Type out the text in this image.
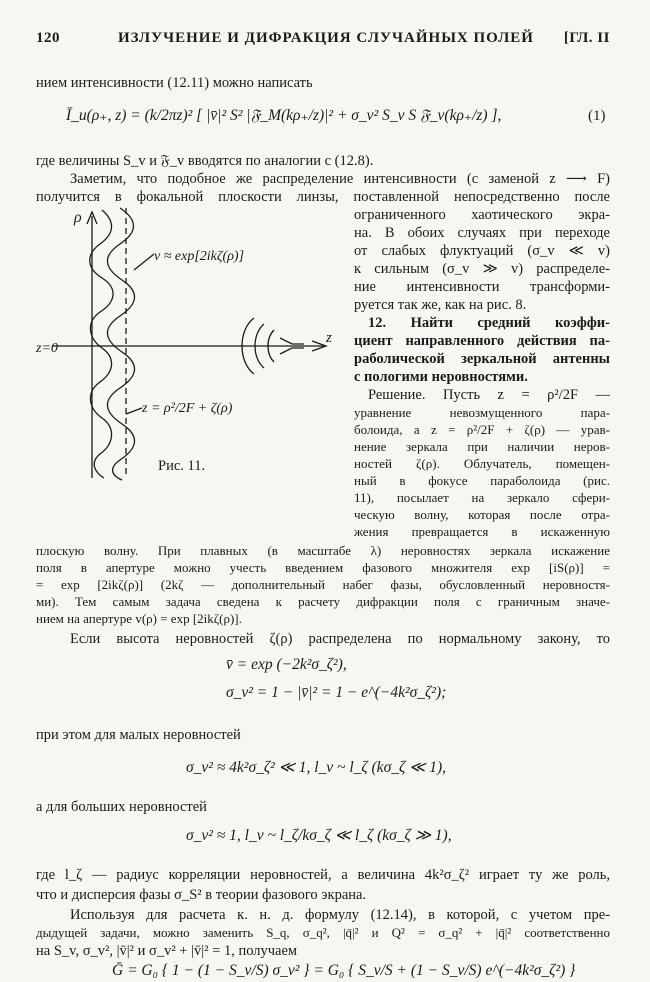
120	ИЗЛУЧЕНИЕ И ДИФРАКЦИЯ СЛУЧАЙНЫХ ПОЛЕЙ [ГЛ. II
нием интенсивности (12.11) можно написать
Ī_u(ρ₊, z) = (k/2πz)² [ |v̄|² S² |𝔉_M(kρ₊/z)|² + σ_v² S_v S 𝔉_v(kρ₊/z) ],	(1)
где величины S_v и 𝔉_v вводятся по аналогии с (12.8).
Заметим, что подобное же распределение интенсивности (с заменой z ⟶ F)
получится в фокальной плоскости линзы, поставленной непосредственно после
ограниченного хаотического экра-
на. В обоих случаях при переходе
от слабых флуктуаций (σ_v ≪ v)
к сильным (σ_v ≫ v) распределе-
ние интенсивности трансформи-
руется так же, как на рис. 8.
12. Найти средний коэффи-
циент направленного действия па-
раболической зеркальной антенны
с пологими неровностями.
Решение. Пусть z = ρ²/2F —
уравнение невозмущенного пара-
болоида, а z = ρ²/2F + ζ(ρ) — урав-
нение зеркала при наличии неров-
ностей ζ(ρ). Облучатель, помещен-
ный в фокусе параболоида (рис.
11), посылает на зеркало сфери-
ческую волну, которая после отра-
жения превращается в искаженную
ρ
z
z=0
v ≈ exp[2ikζ(ρ)]
z = ρ²/2F + ζ(ρ)
Рис. 11.
плоскую волну. При плавных (в масштабе λ) неровностях зеркала искажение
поля в апертуре можно учесть введением фазового множителя exp [iS(ρ)] =
= exp [2ikζ(ρ)] (2kζ — дополнительный набег фазы, обусловленный неровностя-
ми). Тем самым задача сведена к расчету дифракции поля с граничным значе-
нием на апертуре v(ρ) = exp [2ikζ(ρ)].
Если высота неровностей ζ(ρ) распределена по нормальному закону, то
v̄ = exp (−2k²σ_ζ²),
σ_v² = 1 − |v̄|² = 1 − e^(−4k²σ_ζ²);
при этом для малых неровностей
σ_v² ≈ 4k²σ_ζ² ≪ 1, l_v ~ l_ζ (kσ_ζ ≪ 1),
а для больших неровностей
σ_v² ≈ 1, l_v ~ l_ζ/kσ_ζ ≪ l_ζ (kσ_ζ ≫ 1),
где l_ζ — радиус корреляции неровностей, а величина 4k²σ_ζ² играет ту же роль,
что и дисперсия фазы σ_S² в теории фазового экрана.
Используя для расчета к. н. д. формулу (12.14), в которой, с учетом пре-
дыдущей задачи, можно заменить S_q, σ_q², |q̄|² и Q² = σ_q² + |q̄|² соответственно
на S_v, σ_v², |v̄|² и σ_v² + |v̄|² = 1, получаем
Ḡ = G₀ { 1 − (1 − S_v/S) σ_v² } = G₀ { S_v/S + (1 − S_v/S) e^(−4k²σ_ζ²) }
